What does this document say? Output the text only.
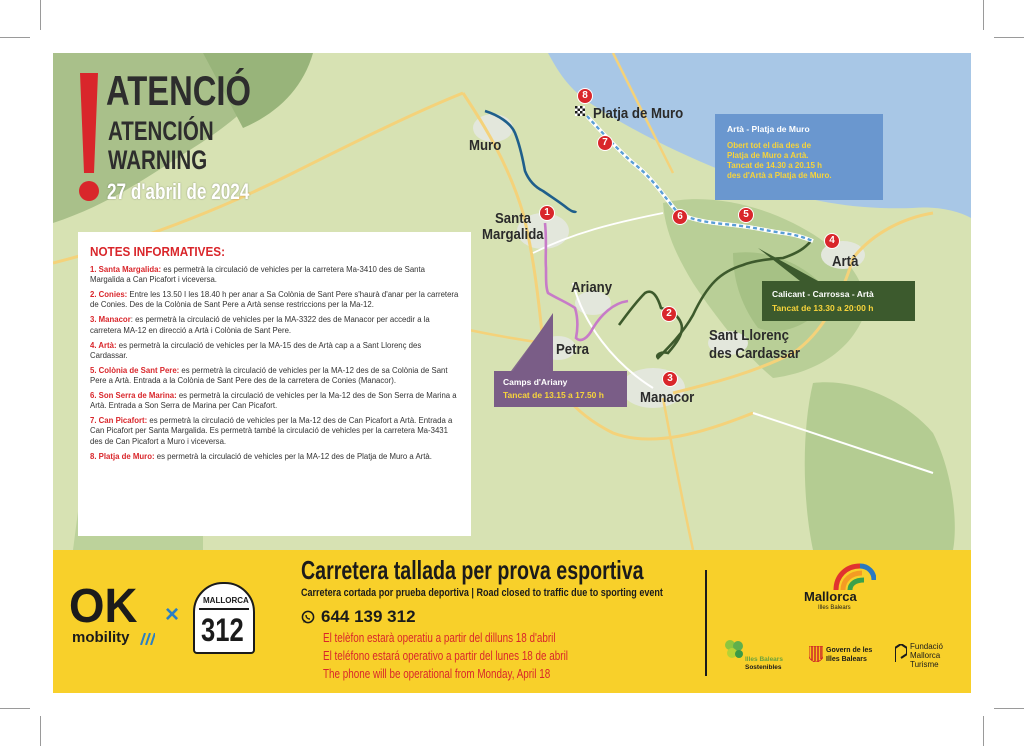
ATENCIÓ
ATENCIÓN
WARNING
27 d'abril de 2024
Platja de Muro
Muro
Santa
Margalida
Ariany
Petra
Sant Llorenç
des Cardassar
Manacor
Artà
1
2
3
4
5
6
7
8
Artà - Platja de Muro
Obert tot el dia des de
Platja de Muro a Artà.
Tancat de 14.30 a 20.15 h
des d'Artà a Platja de Muro.
Calicant - Carrossa - Artà
Tancat de 13.30 a 20:00 h
Camps d'Ariany
Tancat de 13.15 a 17.50 h
NOTES INFORMATIVES:
1. Santa Margalida: es permetrà la circulació de vehicles per la carretera Ma-3410 des de Santa Margalida a Can Picafort i viceversa.
2. Conies: Entre les 13.50 I les 18.40 h per anar a Sa Colònia de Sant Pere s'haurà d'anar per la carretera de Conies. Des de la Colònia de Sant Pere a Artà sense restriccions per la Ma-12.
3. Manacor: es permetrà la circulació de vehicles per la MA-3322 des de Manacor per accedir a la carretera MA-12 en direcció a Artà i Colònia de Sant Pere.
4. Artà: es permetrà la circulació de vehicles per la MA-15 des de Artà cap a a Sant Llorenç des Cardassar.
5. Colònia de Sant Pere: es permetrà la circulació de vehicles per la MA-12 des de sa Colònia de Sant Pere a Artà. Entrada a la Colònia de Sant Pere des de la carretera de Conies (Manacor).
6. Son Serra de Marina: es permetrà la circulació de vehicles per la Ma-12 des de Son Serra de Marina a Artà. Entrada a Son Serra de Marina per Can Picafort.
7. Can Picafort: es permetrà la circulació de vehicles per la Ma-12 des de Can Picafort a Artà. Entrada a Can Picafort per Santa Margalida. Es permetrà també la circulació de vehicles per la carretera Ma-3431 des de Can Picafort a Muro i viceversa.
8. Platja de Muro: es permetrà la circulació de vehicles per la MA-12 des de Platja de Muro a Artà.
OK
mobility
×
MALLORCA
312
Carretera tallada per prova esportiva
Carretera cortada por prueba deportiva | Road closed to traffic due to sporting event
644 139 312
El telèfon estarà operatiu a partir del dilluns 18 d'abril
El teléfono estará operativo a partir del lunes 18 de abril
The phone will be operational from Monday, April 18
Mallorca
Illes Balears
Illes Balears
Sostenibles
Govern de les
Illes Balears
Fundació
Mallorca
Turisme
